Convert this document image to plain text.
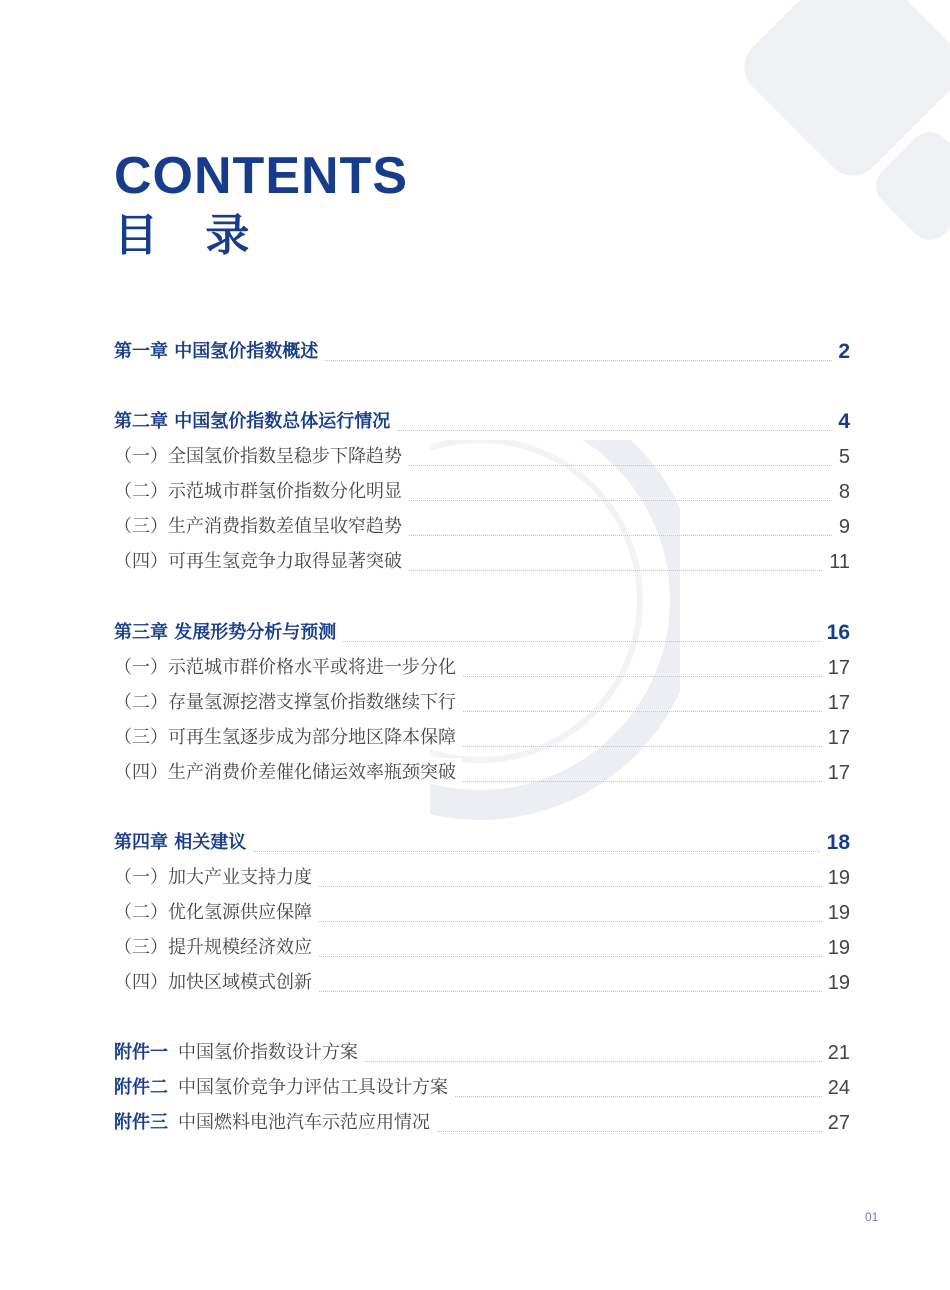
CONTENTS
目 录
第一章 中国氢价指数概述	2
第二章 中国氢价指数总体运行情况	4
（一）全国氢价指数呈稳步下降趋势	5
（二）示范城市群氢价指数分化明显	8
（三）生产消费指数差值呈收窄趋势	9
（四）可再生氢竞争力取得显著突破	11
第三章 发展形势分析与预测	16
（一）示范城市群价格水平或将进一步分化	17
（二）存量氢源挖潜支撑氢价指数继续下行	17
（三）可再生氢逐步成为部分地区降本保障	17
（四）生产消费价差催化储运效率瓶颈突破	17
第四章 相关建议	18
（一）加大产业支持力度	19
（二）优化氢源供应保障	19
（三）提升规模经济效应	19
（四）加快区域模式创新	19
附件一 中国氢价指数设计方案	21
附件二 中国氢价竞争力评估工具设计方案	24
附件三 中国燃料电池汽车示范应用情况	27
01
